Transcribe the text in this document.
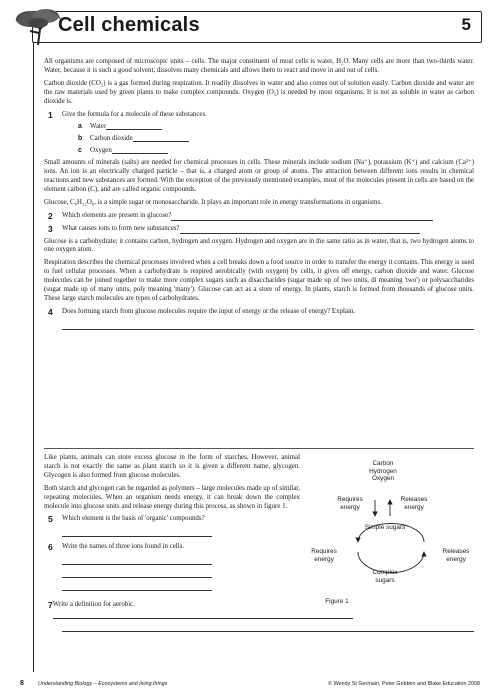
Cell chemicals	5

All organisms are composed of microscopic units – cells. The major constituent of most cells is water, H₂O. Many cells are more than two-thirds water. Water, because it is such a good solvent, dissolves many chemicals and allows them to react and move in and out of cells.

Carbon dioxide (CO₂) is a gas formed during respiration. It readily dissolves in water and also comes out of solution easily. Carbon dioxide and water are the raw materials used by green plants to make complex compounds. Oxygen (O₂) is needed by most organisms. It is not as soluble in water as carbon dioxide is.

1	Give the formula for a molecule of these substances.
a	Water
b	Carbon dioxide
c	Oxygen

Small amounts of minerals (salts) are needed for chemical processes in cells. These minerals include sodium (Na⁺), potassium (K⁺) and calcium (Ca²⁺) ions. An ion is an electrically charged particle – that is, a charged atom or group of atoms. The attraction between different ions results in chemical reactions and new substances are formed. With the exception of the previously mentioned examples, most of the molecules present in cells are based on the element carbon (C), and are called organic compounds.

Glucose, C₆H₁₂O₆, is a simple sugar or monosaccharide. It plays an important role in energy transformations in organisms.

2	Which elements are present in glucose?
3	What causes ions to form new substances?

Glucose is a carbohydrate; it contains carbon, hydrogen and oxygen. Hydrogen and oxygen are in the same ratio as in water, that is, two hydrogen atoms to one oxygen atom.

Respiration describes the chemical processes involved when a cell breaks down a food source in order to transfer the energy it contains. This energy is used to fuel cellular processes. When a carbohydrate is respired aerobically (with oxygen) by cells, it gives off energy, carbon dioxide and water. Glucose molecules can be joined together to make more complex sugars such as disaccharides (sugar made up of two units, di meaning 'two') or polysaccharides (sugar made up of many units, poly meaning 'many'). Glucose can act as a store of energy. In plants, starch is formed from thousands of glucose units. These large starch molecules are types of carbohydrates.

4	Does forming starch from glucose molecules require the input of energy or the release of energy? Explain.

Like plants, animals can store excess glucose in the form of starches. However, animal starch is not exactly the same as plant starch so it is given a different name, glycogen. Glycogen is also formed from glucose molecules.

Both starch and glycogen can be regarded as polymers – large molecules made up of similar, repeating molecules. When an organism needs energy, it can break down the complex molecule into glucose units and release energy during this process, as shown in figure 1.

5	Which element is the basis of 'organic' compounds?
6	Write the names of three ions found in cells.
7 Write a definition for aerobic.
Carbon
Hydrogen
Oxygen
Requires
energy
Releases
energy
Simple sugars
Requires
energy
Releases
energy
Complex
sugars
Figure 1
8	Understanding Biology – Ecosystems and living things	© Wendy St Germain, Peter Gribben and Blake Education 2008
